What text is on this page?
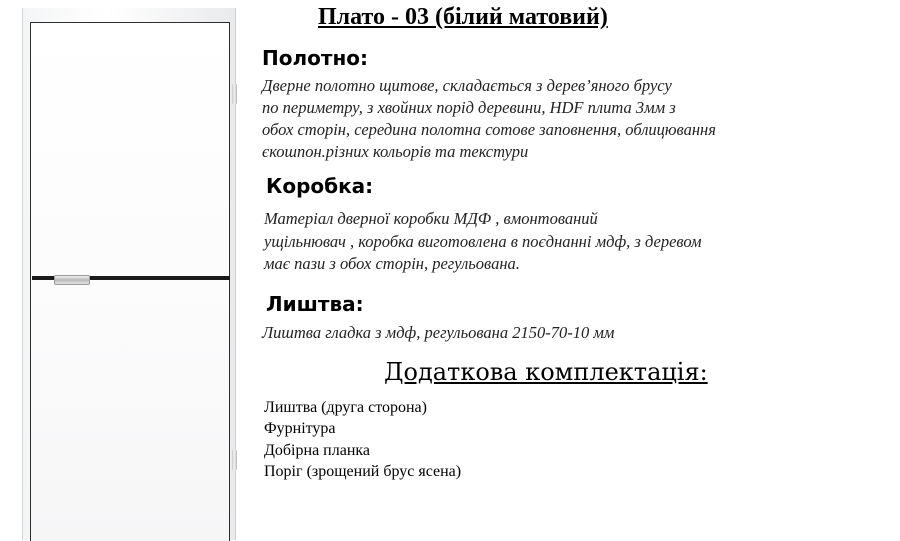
Плато - 03 (білий матовий)
Полотно:
Дверне полотно щитове, складається з дерев’яного брусу
по периметру, з хвойних порід деревини, HDF плита 3мм з
обох сторін, середина полотна сотове заповнення, облицювання
єкошпон.різних кольорів та текстури
Коробка:
Матеріал дверної коробки МДФ , вмонтований
ущільнювач , коробка виготовлена в поєднанні мдф, з деревом
має пази з обох сторін, регульована.
Лиштва:
Лиштва гладка з мдф, регульована 2150-70-10 мм
Додаткова комплектація:
Лиштва (друга сторона)
Фурнітура
Добірна планка
Поріг (зрощений брус ясена)
